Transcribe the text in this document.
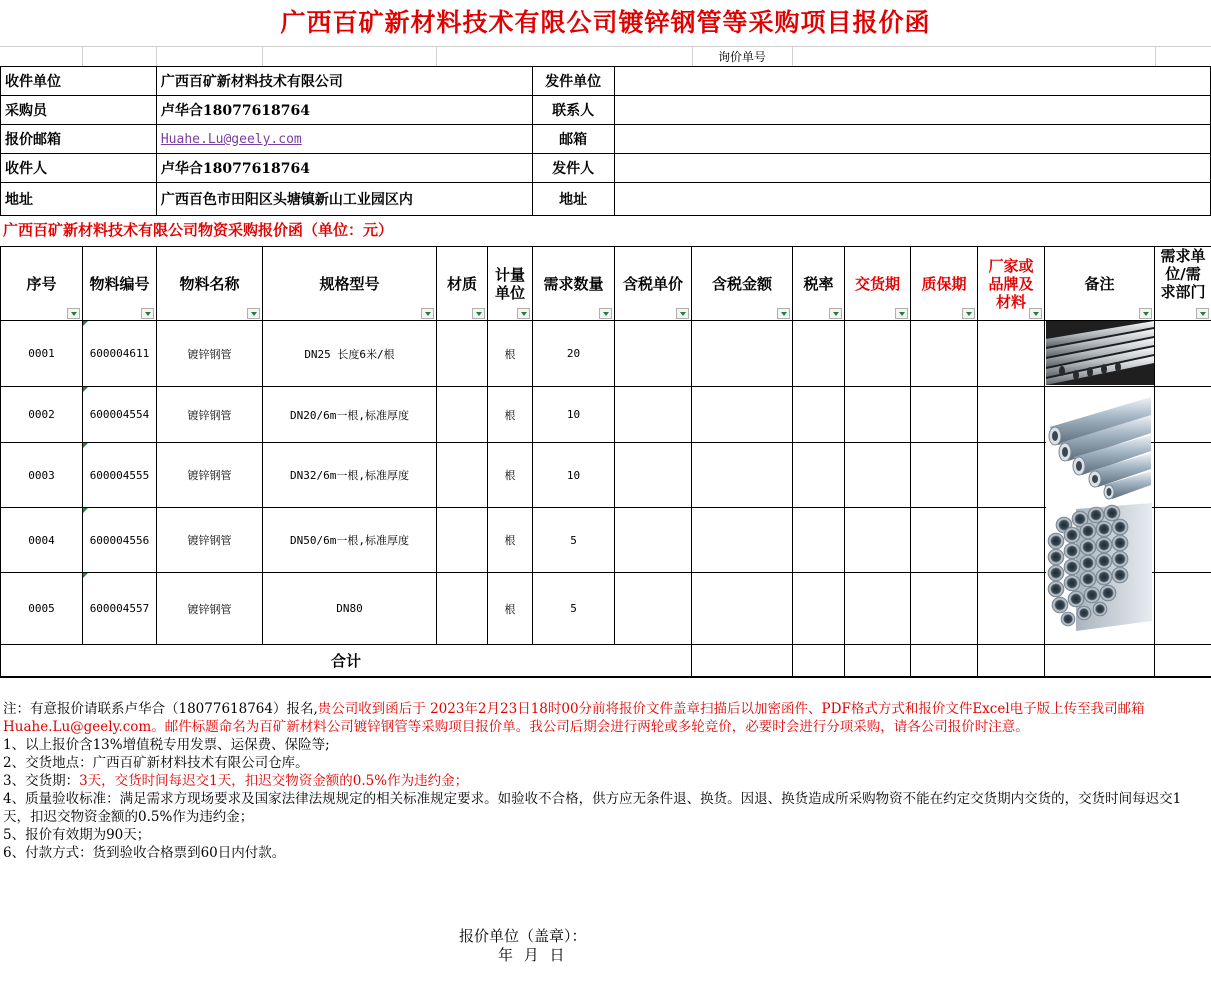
广西百矿新材料技术有限公司镀锌钢管等采购项目报价函
询价单号
收件单位	广西百矿新材料技术有限公司	发件单位	
采购员	卢华合18077618764	联系人	
报价邮箱	Huahe.Lu@geely.com	邮箱	
收件人	卢华合18077618764	发件人	
地址	广西百色市田阳区头塘镇新山工业园区内	地址	
广西百矿新材料技术有限公司物资采购报价函（单位：元）
序号	物料编号	物料名称	规格型号	材质	计量单位	需求数量	含税单价	含税金额	税率	交货期	质保期	厂家或品牌及材料	备注	需求单位/需求部门

0001	600004611	镀锌钢管	DN25 长度6米/根		根	20								
0002	600004554	镀锌钢管	DN20/6m一根,标准厚度		根	10								
0003	600004555	镀锌钢管	DN32/6m一根,标准厚度		根	10								
0004	600004556	镀锌钢管	DN50/6m一根,标准厚度		根	5								
0005	600004557	镀锌钢管	DN80		根	5								
合计														

注：有意报价请联系卢华合（18077618764）报名,贵公司收到函后于 2023年2月23日18时00分前将报价文件盖章扫描后以加密函件、PDF格式方式和报价文件Excel电子版上传至我司邮箱Huahe.Lu@geely.com。邮件标题命名为百矿新材料公司镀锌钢管等采购项目报价单。我公司后期会进行两轮或多轮竞价，必要时会进行分项采购，请各公司报价时注意。

1、以上报价含13%增值税专用发票、运保费、保险等;

2、交货地点：广西百矿新材料技术有限公司仓库。

3、交货期：3天，交货时间每迟交1天，扣迟交物资金额的0.5%作为违约金；

4、质量验收标准：满足需求方现场要求及国家法律法规规定的相关标准规定要求。如验收不合格，供方应无条件退、换货。因退、换货造成所采购物资不能在约定交货期内交货的，交货时间每迟交1天，扣迟交物资金额的0.5%作为违约金；

5、报价有效期为90天；

6、付款方式：货到验收合格票到60日内付款。

报价单位（盖章）：
年 月 日
